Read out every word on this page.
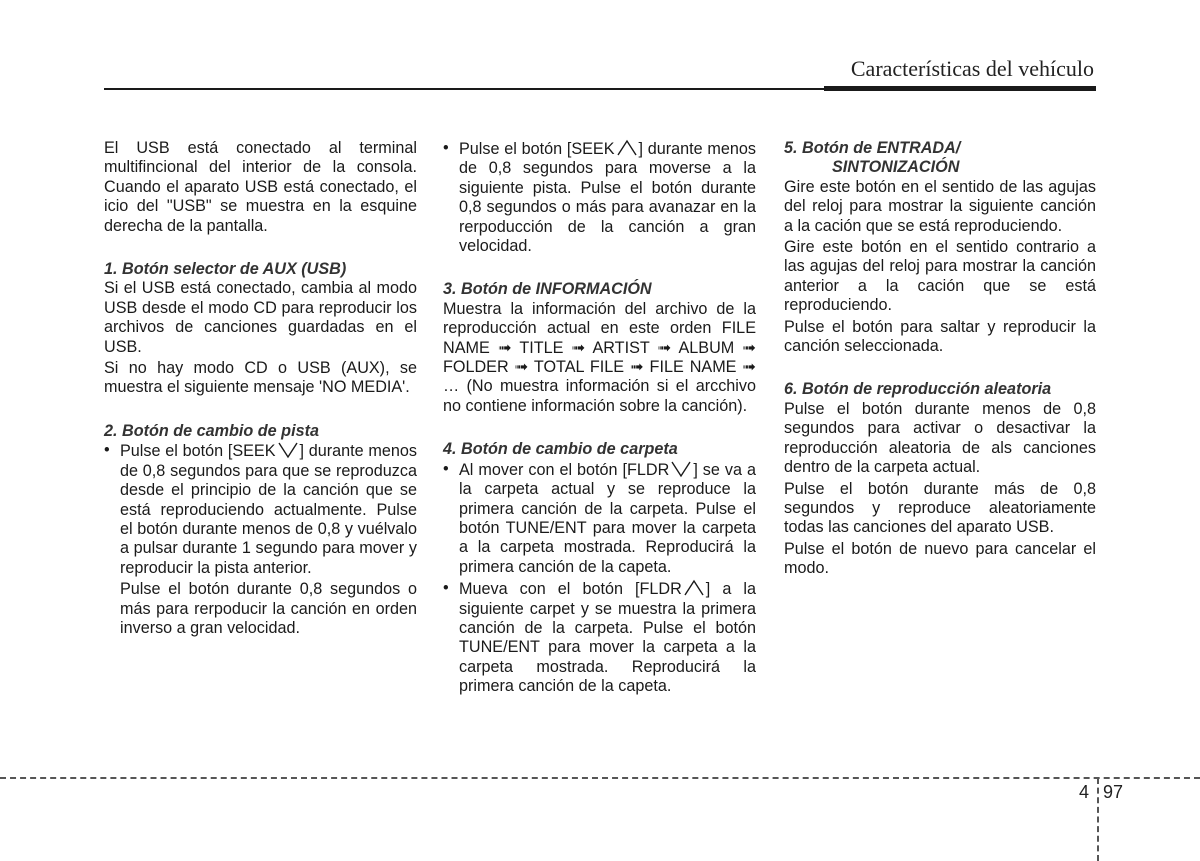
Características del vehículo

El USB está conectado al terminal multifincional del interior de la consola. Cuando el aparato USB está conectado, el icio del "USB" se muestra en la esquine derecha de la pantalla.

1. Botón selector de AUX (USB)

Si el USB está conectado, cambia al modo USB desde el modo CD para reproducir los archivos de canciones guardadas en el USB.

Si no hay modo CD o USB (AUX), se muestra el siguiente mensaje 'NO MEDIA'.

2. Botón de cambio de pista
• Pulse el botón [SEEK ] durante menos de 0,8 segundos para que se reproduzca desde el principio de la canción que se está reproduciendo actualmente. Pulse el botón durante menos de 0,8 y vuélvalo a pulsar durante 1 segundo para mover y reproducir la pista anterior.

Pulse el botón durante 0,8 segundos o más para rerpoducir la canción en orden inverso a gran velocidad.

• Pulse el botón [SEEK ] durante menos de 0,8 segundos para moverse a la siguiente pista. Pulse el botón durante 0,8 segundos o más para avanazar en la rerpoducción de la canción a gran velocidad.
3. Botón de INFORMACIÓN

Muestra la información del archivo de la reproducción actual en este orden FILE NAME ➟ TITLE ➟ ARTIST ➟ ALBUM ➟ FOLDER ➟ TOTAL FILE ➟ FILE NAME ➟ … (No muestra información si el arcchivo no contiene información sobre la canción).

4. Botón de cambio de carpeta
• Al mover con el botón [FLDR ] se va a la carpeta actual y se reproduce la primera canción de la carpeta. Pulse el botón TUNE/ENT para mover la carpeta a la carpeta mostrada. Reproducirá la primera canción de la capeta.
• Mueva con el botón [FLDR ] a la siguiente carpet y se muestra la primera canción de la carpeta. Pulse el botón TUNE/ENT para mover la carpeta a la carpeta mostrada. Reproducirá la primera canción de la capeta.
5. Botón de ENTRADA/
SINTONIZACIÓN

Gire este botón en el sentido de las agujas del reloj para mostrar la siguiente canción a la cación que se está reproduciendo.

Gire este botón en el sentido contrario a las agujas del reloj para mostrar la canción anterior a la cación que se está reproduciendo.

Pulse el botón para saltar y reproducir la canción seleccionada.

6. Botón de reproducción aleatoria

Pulse el botón durante menos de 0,8 segundos para activar o desactivar la reproducción aleatoria de als canciones dentro de la carpeta actual.

Pulse el botón durante más de 0,8 segundos y reproduce aleatoriamente todas las canciones del aparato USB.

Pulse el botón de nuevo para cancelar el modo.

4 97
